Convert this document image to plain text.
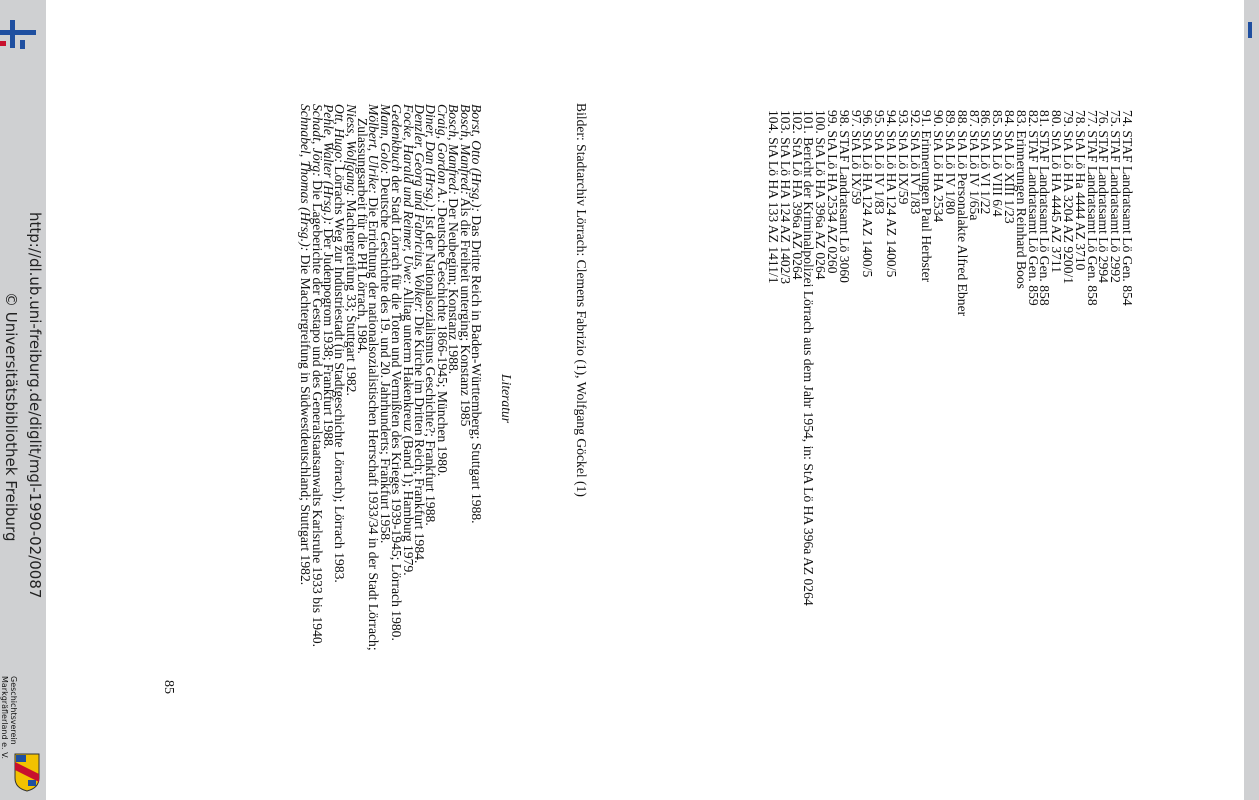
http://dl.ub.uni-freiburg.de/diglit/mgl-1990-02/0087
© Universitätsbibliothek Freiburg
Geschichtsverein
Markgräflerland e. V.
74. STAF Landratsamt Lö Gen. 854
75. STAF Landratsamt Lö 2992
76. STAF Landratsamt Lö 2994
77. STAF Landratsamt Lö Gen. 858
78. StA Lö Ha 4444 AZ 3710
79. StA Lö HA 3204 AZ 9200/1
80. StA Lö HA 4445 AZ 3711
81. STAF Landratsamt Lö Gen. 858
82. STAF Landratsamt Lö Gen. 859
83. Erinnerungen Reinhard Boos
84. StA Lö XIII 1/23
85. StA Lö VIII 6/4
86. StA Lö VI 1/22
87. StA Lö IV 1/65a
88. StA Lö Personalakte Alfred Ebner
89. StA Lö IV 1/80
90. StA Lö HA 2534
91. Erinnerungen Paul Herbster
92. StA Lö IV 1/83
93. StA Lö IX/59
94. StA Lö HA 124 AZ 1400/5
95. StA Lö IV 1/83
96. StA Lö HA 124 AZ 1400/5
97. StA Lö IX/59
98. STAF Landratsamt Lö 3060
99. StA Lö HA 2534 AZ 0260
100. StA Lö HA 396a AZ 0264
101. Bericht der Kriminalpolizei Lörrach aus dem Jahr 1954, in: StA Lö HA 396a AZ 0264
102. StA Lö HA 396a AZ 0264
103. StA Lö HA 124 AZ 1402/3
104. StA Lö HA 133 AZ 1411/1
Bilder: Stadtarchiv Lörrach: Clemens Fabrizio (1), Wolfgang Göckel (1)
Literatur
Borst, Otto (Hrsg.): Das Dritte Reich in Baden-Württemberg; Stuttgart 1988.
Bosch, Manfred: Als die Freiheit unterging; Konstanz 1985
Bosch, Manfred: Der Neubeginn; Konstanz 1988.
Craig, Gordon A.: Deutsche Geschichte 1866-1945; München 1980.
Diner, Dan (Hrsg.): Ist der Nationalsozialismus Geschichte?; Frankfurt 1988.
Denzler, Georg und Fabricius, Volker: Die Kirche im Dritten Reich; Frankfurt 1984.
Focke, Harald und Reimer, Uwe: Alltag unterm Hakenkreuz (Band 1); Hamburg 1979.
Gedenkbuch der Stadt Lörrach für die Toten und Vermißten des Krieges 1939-1945; Lörrach 1980.
Mann, Golo: Deutsche Geschichte des 19. und 20. Jahrhunderts; Frankfurt 1958.
Mölbert, Ulrike: Die Errichtung der nationalsozialistischen Herrschaft 1933/34 in der Stadt Lörrach;
Zulassungsarbeit für die PH Lörrach, 1984.
Niess, Wolfgang: Machtergreifung 33; Stuttgart 1982.
Ott, Hugo: Lörrachs Weg zur Industriestadt (in Stadtgeschichte Lörrach); Lörrach 1983.
Pehle, Walter (Hrsg.): Der Judenpogrom 1938; Frankfurt 1988.
Schadt, Jörg: Die Lageberichte der Gestapo und des Generalstaatsanwalts Karlsruhe 1933 bis 1940.
Schnabel, Thomas (Hrsg.): Die Machtergreifung in Südwestdeutschland; Stuttgart 1982.
85
